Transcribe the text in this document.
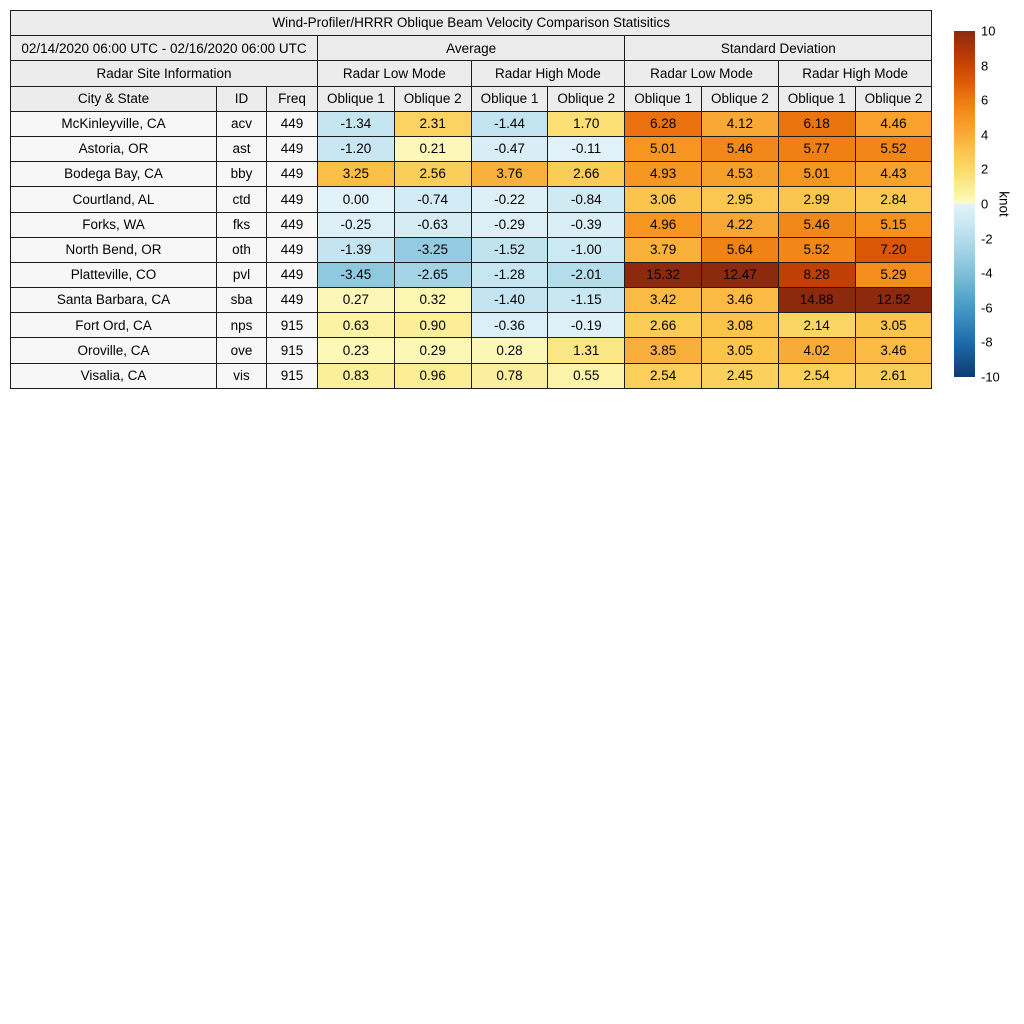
Wind-Profiler/HRRR Oblique Beam Velocity Comparison Statisitics										
02/14/2020 06:00 UTC - 02/16/2020 06:00 UTC			Average				Standard Deviation			
Radar Site Information			Radar Low Mode		Radar High Mode		Radar Low Mode		Radar High Mode	
City & State	ID	Freq	Oblique 1	Oblique 2	Oblique 1	Oblique 2	Oblique 1	Oblique 2	Oblique 1	Oblique 2
McKinleyville, CA	acv	449	-1.34	2.31	-1.44	1.70	6.28	4.12	6.18	4.46
Astoria, OR	ast	449	-1.20	0.21	-0.47	-0.11	5.01	5.46	5.77	5.52
Bodega Bay, CA	bby	449	3.25	2.56	3.76	2.66	4.93	4.53	5.01	4.43
Courtland, AL	ctd	449	0.00	-0.74	-0.22	-0.84	3.06	2.95	2.99	2.84
Forks, WA	fks	449	-0.25	-0.63	-0.29	-0.39	4.96	4.22	5.46	5.15
North Bend, OR	oth	449	-1.39	-3.25	-1.52	-1.00	3.79	5.64	5.52	7.20
Platteville, CO	pvl	449	-3.45	-2.65	-1.28	-2.01	15.32	12.47	8.28	5.29
Santa Barbara, CA	sba	449	0.27	0.32	-1.40	-1.15	3.42	3.46	14.88	12.52
Fort Ord, CA	nps	915	0.63	0.90	-0.36	-0.19	2.66	3.08	2.14	3.05
Oroville, CA	ove	915	0.23	0.29	0.28	1.31	3.85	3.05	4.02	3.46
Visalia, CA	vis	915	0.83	0.96	0.78	0.55	2.54	2.45	2.54	2.61
10
8
6
4
2
0
-2
-4
-6
-8
-10
knot
